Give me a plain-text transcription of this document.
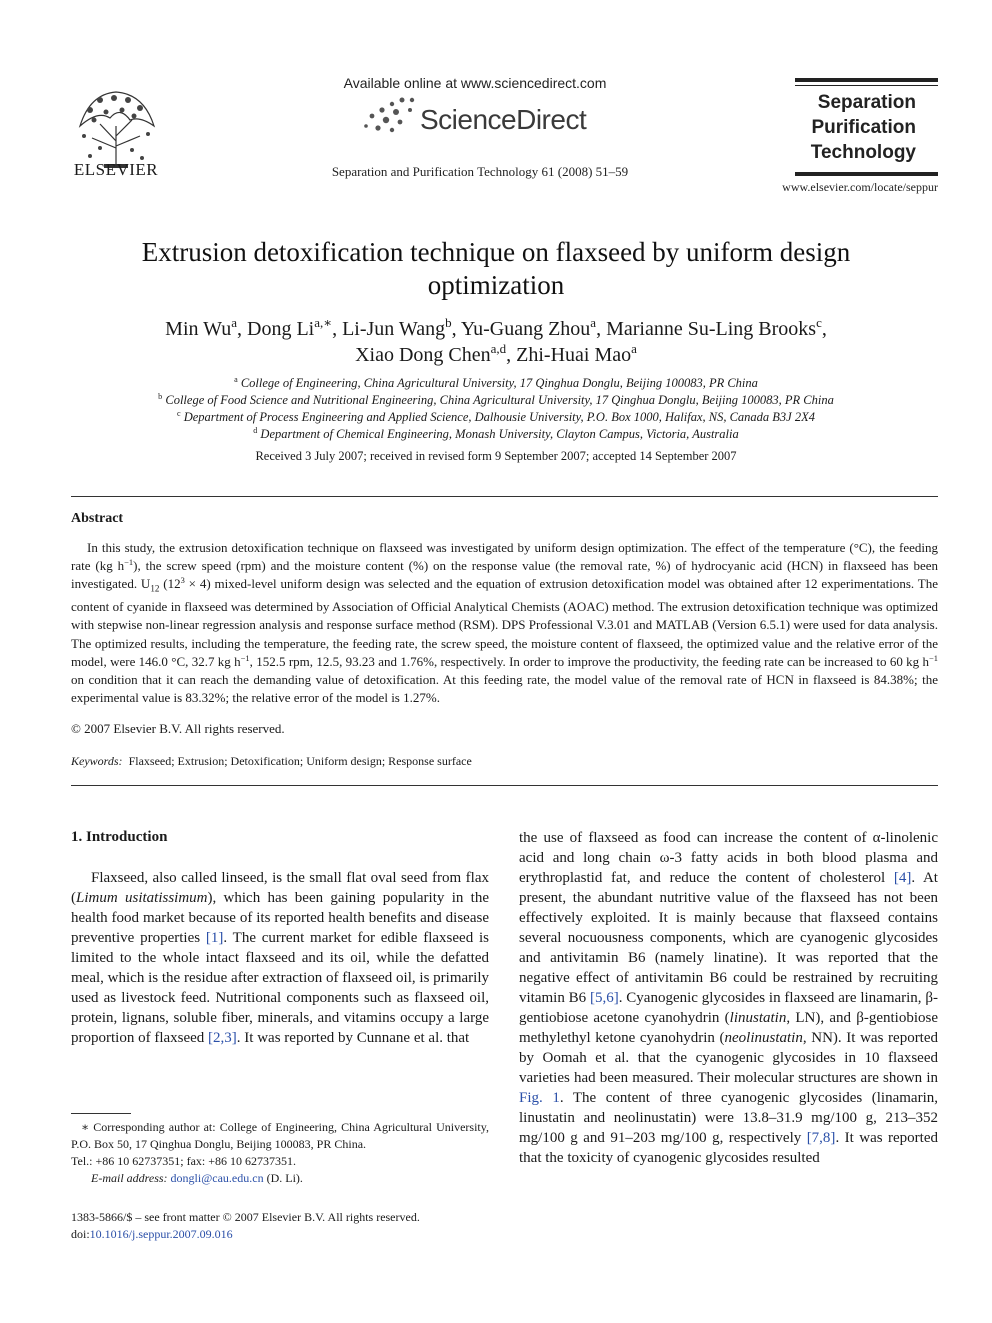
ELSEVIER
Available online at www.sciencedirect.com
ScienceDirect
Separation and Purification Technology 61 (2008) 51–59
Separation
Purification
Technology
www.elsevier.com/locate/seppur
Extrusion detoxification technique on flaxseed by uniform design optimization
Min Wu$^a$, Dong $Li^{a,∗}$, Li-Jun Wang$^b$, Yu-Guang Zhou$^a$, Marianne Su-Ling Brooks$^c$,
Xiao Dong Chen$^{a,d}$, Zhi-Huai Mao$^a$
$^a$ College of Engineering, China Agricultural University, 17 Qinghua Donglu, Beijing 100083, PR China
$^b$ College of Food Science and Nutritional Engineering, China Agricultural University, 17 Qinghua Donglu, Beijing 100083, PR China
$^c$ Department of Process Engineering and Applied Science, Dalhousie University, P.O. Box 1000, Halifax, NS, Canada B3J 2X4
$^d$ Department of Chemical Engineering, Monash University, Clayton Campus, Victoria, Australia
Received 3 July 2007; received in revised form 9 September 2007; accepted 14 September 2007
Abstract

In this study, the extrusion detoxification technique on flaxseed was investigated by uniform design optimization. The effect of the temperature (°C), the feeding rate (kg $h^{-1}$), the screw speed (rpm) and the moisture content (%) on the response value (the removal rate, %) of hydrocyanic acid (HCN) in flaxseed has been investigated. $U_{12}$ $(12^3 \times 4)$ mixed-level uniform design was selected and the equation of extrusion detoxification model was obtained after 12 experimentations. The content of cyanide in flaxseed was determined by Association of Official Analytical Chemists (AOAC) method. The extrusion detoxification technique was optimized with stepwise non-linear regression analysis and response surface method (RSM). DPS Professional V.3.01 and MATLAB (Version 6.5.1) were used for data analysis. The optimized results, including the temperature, the feeding rate, the screw speed, the moisture content of flaxseed, the optimized value and the relative error of the model, were 146.0 °C, 32.7 kg $h^{-1}$, 152.5 rpm, 12.5, 93.23 and 1.76%, respectively. In order to improve the productivity, the feeding rate can be increased to 60 kg $h^{-1}$ on condition that it can reach the demanding value of detoxification. At this feeding rate, the model value of the removal rate of HCN in flaxseed is 84.38%; the experimental value is 83.32%; the relative error of the model is 1.27%.

© 2007 Elsevier B.V. All rights reserved.
Keywords: Flaxseed; Extrusion; Detoxification; Uniform design; Response surface
1. Introduction

Flaxseed, also called linseed, is the small flat oval seed from flax (Limum usitatissimum), which has been gaining popularity in the health food market because of its reported health benefits and disease preventive properties [1]. The current market for edible flaxseed is limited to the whole intact flaxseed and its oil, while the defatted meal, which is the residue after extraction of flaxseed oil, is primarily used as livestock feed. Nutritional components such as flaxseed oil, protein, lignans, soluble fiber, minerals, and vitamins occupy a large proportion of flaxseed [2,3]. It was reported by Cunnane et al. that

the use of flaxseed as food can increase the content of α-linolenic acid and long chain ω-3 fatty acids in both blood plasma and erythroplastid fat, and reduce the content of cholesterol [4]. At present, the abundant nutritive value of the flaxseed has not been effectively exploited. It is mainly because that flaxseed contains several nocuousness components, which are cyanogenic glycosides and antivitamin B6 (namely linatine). It was reported that the negative effect of antivitamin B6 could be restrained by recruiting vitamin B6 [5,6]. Cyanogenic glycosides in flaxseed are linamarin, β-gentiobiose acetone cyanohydrin (linustatin, LN), and β-gentiobiose methylethyl ketone cyanohydrin (neolinustatin, NN). It was reported by Oomah et al. that the cyanogenic glycosides in 10 flaxseed varieties had been measured. Their molecular structures are shown in Fig. 1. The content of three cyanogenic glycosides (linamarin, linustatin and neolinustatin) were 13.8–31.9 mg/100 g, 213–352 mg/100 g and 91–203 mg/100 g, respectively [7,8]. It was reported that the toxicity of cyanogenic glycosides resulted

∗ Corresponding author at: College of Engineering, China Agricultural University, P.O. Box 50, 17 Qinghua Donglu, Beijing 100083, PR China.
Tel.: +86 10 62737351; fax: +86 10 62737351.
E-mail address: dongli@cau.edu.cn (D. Li).
1383-5866/$ – see front matter © 2007 Elsevier B.V. All rights reserved.
doi:10.1016/j.seppur.2007.09.016
